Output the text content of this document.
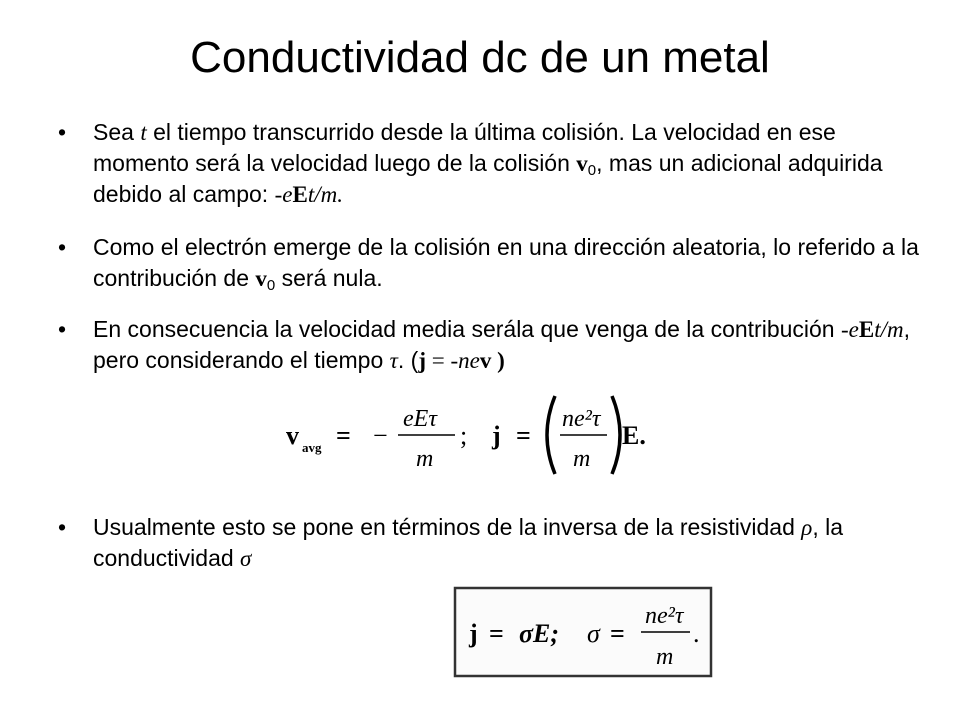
Conductividad dc de un metal
• Sea t el tiempo transcurrido desde la última colisión. La velocidad en ese momento será la velocidad luego de la colisión $v_0$, mas un adicional adquirida debido al campo: -eEt/m.
• Como el electrón emerge de la colisión en una dirección aleatoria, lo referido a la contribución de $v_0$ será nula.
• En consecuencia la velocidad media serála que venga de la contribución -eEt/m, pero considerando el tiempo τ. (j = -nev )
v avg = −
eEτ
m
; j =
ne²τ
m
E.
• Usualmente esto se pone en términos de la inversa de la resistividad ρ, la conductividad σ
j = σE; σ =
ne²τ
m
.
